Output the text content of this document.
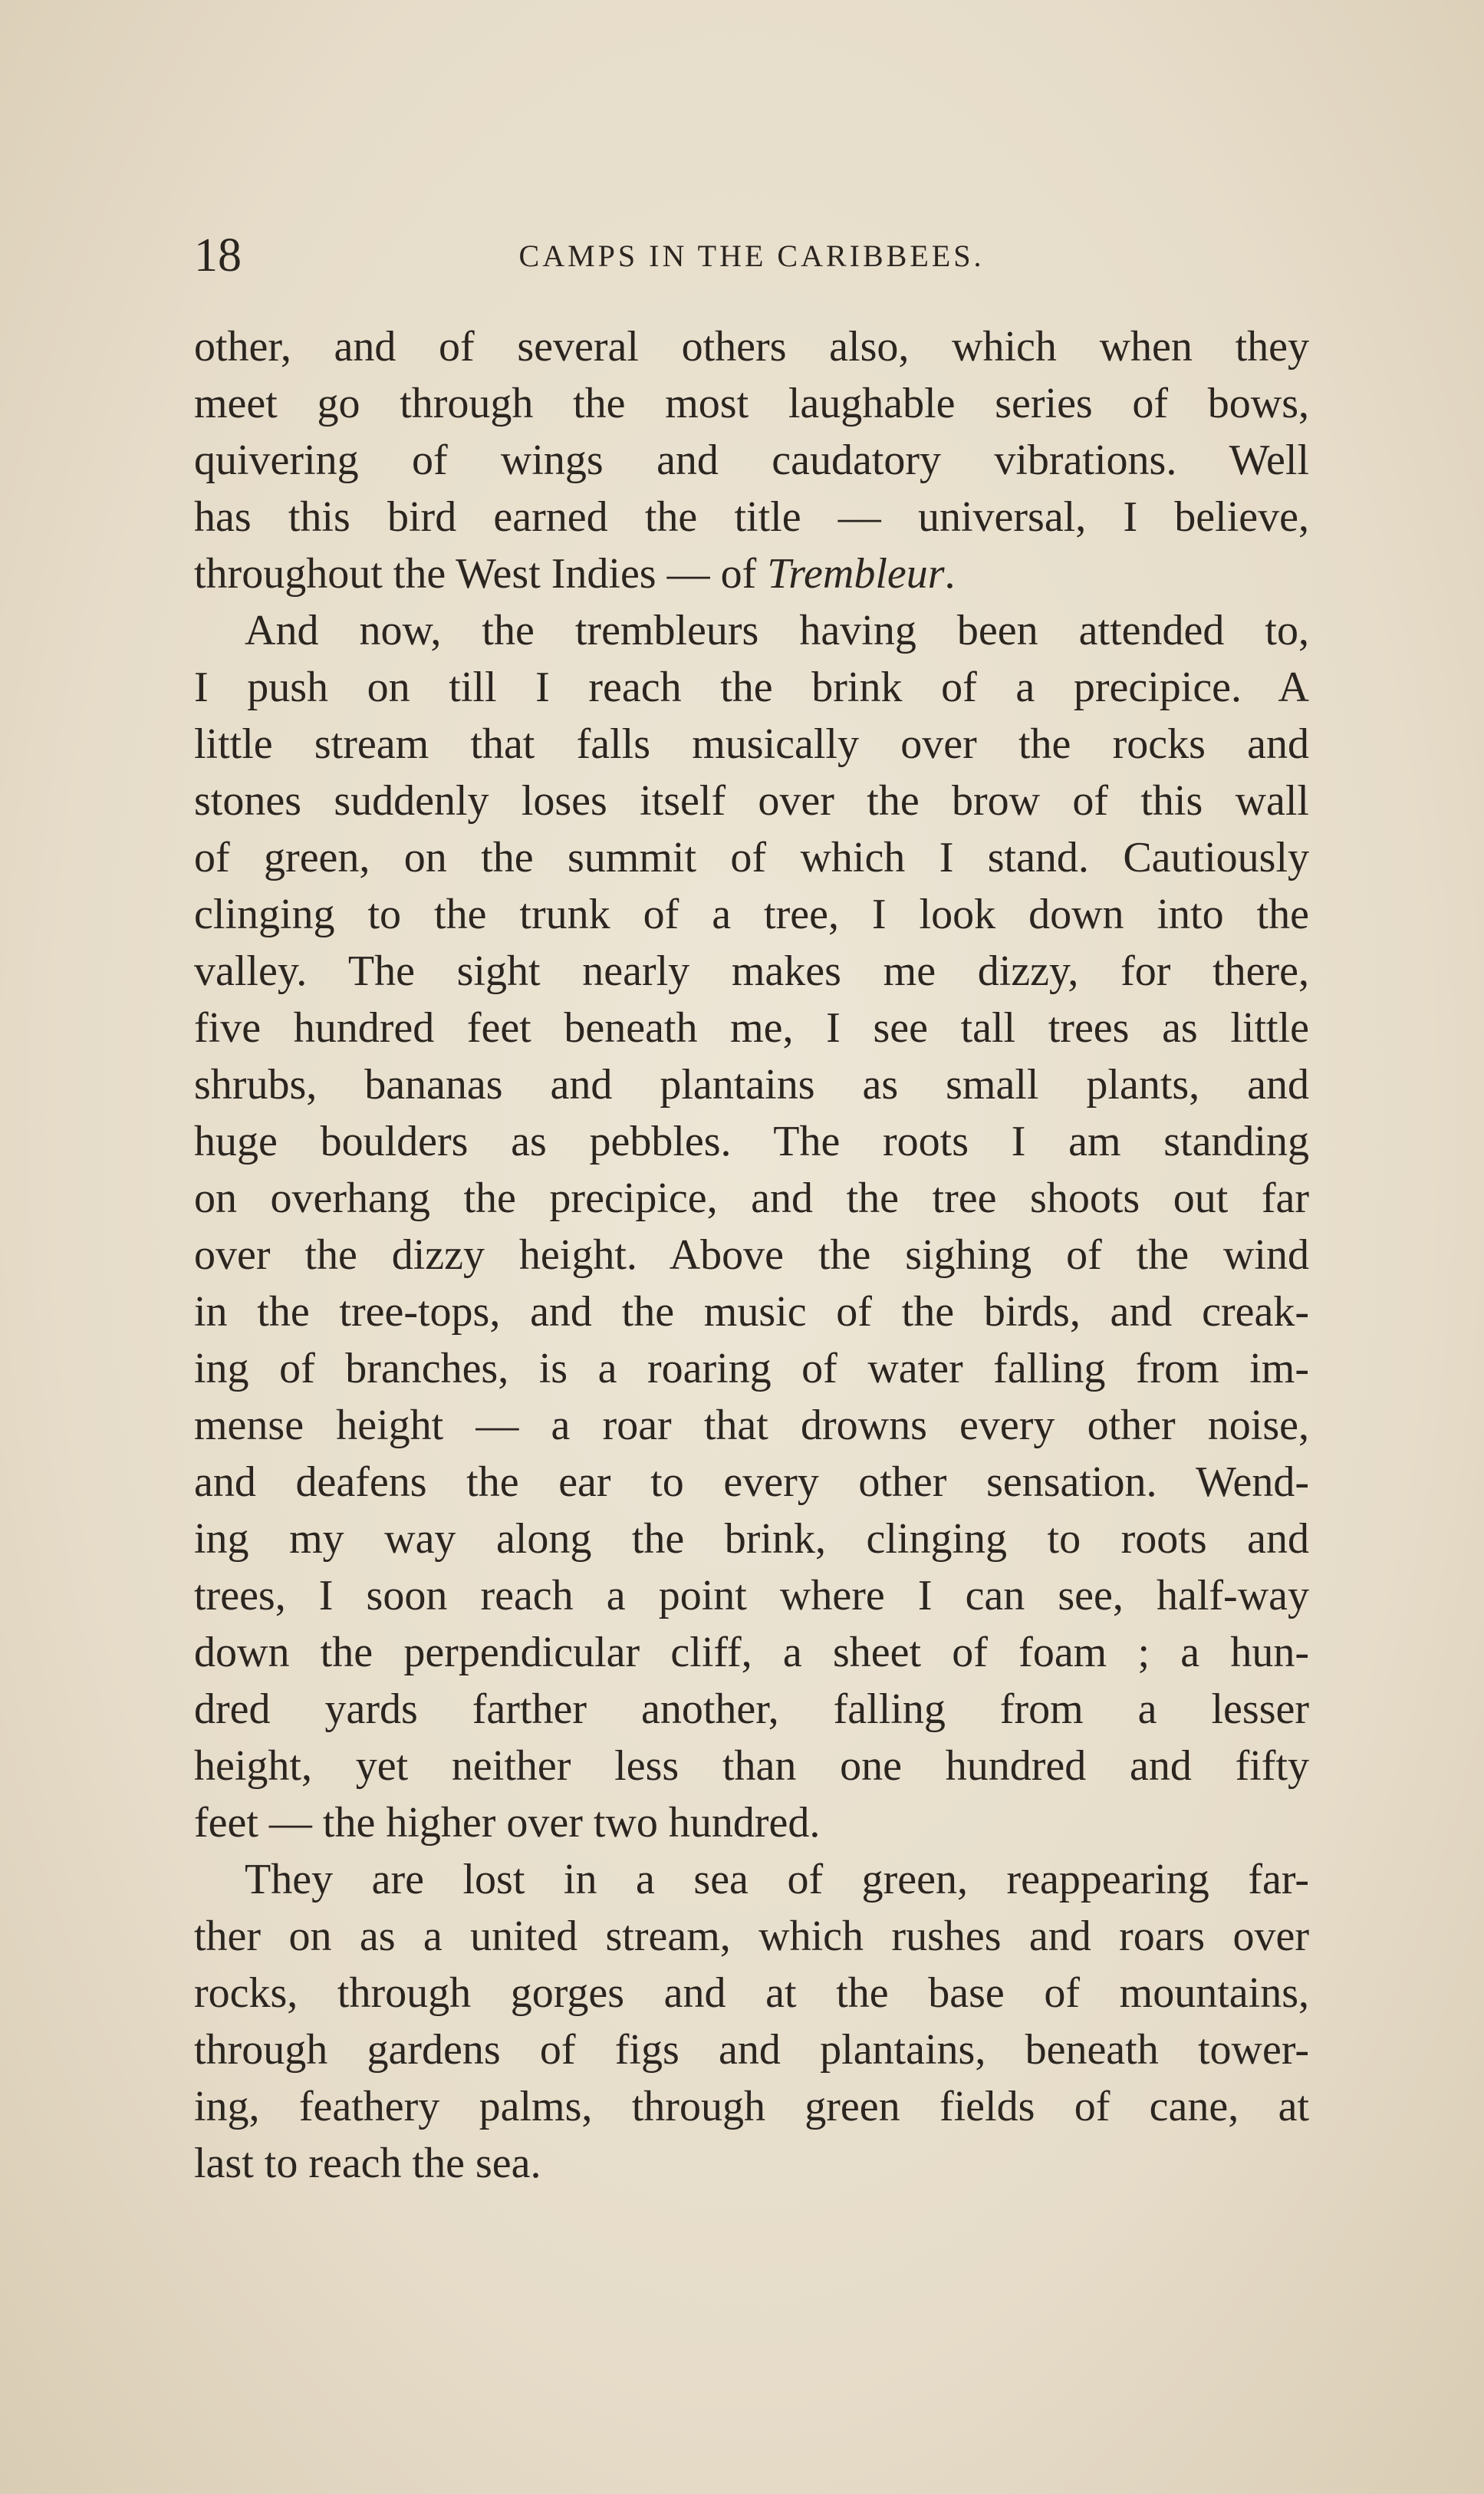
18	CAMPS IN THE CARIBBEES.
other, and of several others also, which when they
meet go through the most laughable series of bows,
quivering of wings and caudatory vibrations. Well
has this bird earned the title — universal, I believe,
throughout the West Indies — of Trembleur.
And now, the trembleurs having been attended to,
I push on till I reach the brink of a precipice. A
little stream that falls musically over the rocks and
stones suddenly loses itself over the brow of this wall
of green, on the summit of which I stand. Cautiously
clinging to the trunk of a tree, I look down into the
valley. The sight nearly makes me dizzy, for there,
five hundred feet beneath me, I see tall trees as little
shrubs, bananas and plantains as small plants, and
huge boulders as pebbles. The roots I am standing
on overhang the precipice, and the tree shoots out far
over the dizzy height. Above the sighing of the wind
in the tree-tops, and the music of the birds, and creak-
ing of branches, is a roaring of water falling from im-
mense height — a roar that drowns every other noise,
and deafens the ear to every other sensation. Wend-
ing my way along the brink, clinging to roots and
trees, I soon reach a point where I can see, half-way
down the perpendicular cliff, a sheet of foam ; a hun-
dred yards farther another, falling from a lesser
height, yet neither less than one hundred and fifty
feet — the higher over two hundred.
They are lost in a sea of green, reappearing far-
ther on as a united stream, which rushes and roars over
rocks, through gorges and at the base of mountains,
through gardens of figs and plantains, beneath tower-
ing, feathery palms, through green fields of cane, at
last to reach the sea.
